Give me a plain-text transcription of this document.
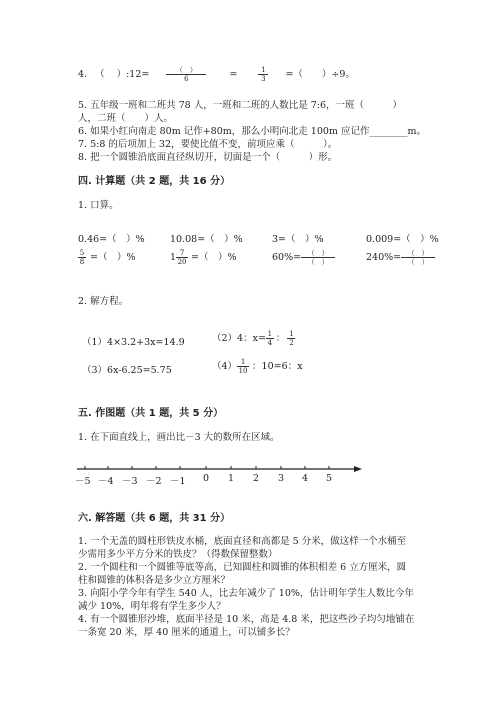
4. （ ）:12= $\frac{( )}{6}$ =	$\frac{1}{3}$ =（　　）÷9。
5. 五年级一班和二班共 78 人，一班和二班的人数比是 7:6，一班（　　　）
人，二班（　　）人。
6. 如果小红向南走 80m 记作+80m，那么小明向北走 100m 应记作________m。
7. 5:8 的后项加上 32，要使比值不变，前项应乘（　　　）。
8. 把一个圆锥沿底面直径纵切开，切面是一个（　　　）形。
四. 计算题（共 2 题，共 16 分）
1. 口算。
0.46=（　）%	10.08=（　）%	3=（　）%	0.009=（　）%
$\frac{5}{8}$ =（　）%	$1 \frac{7}{20}$ =（　）%	$60\%= \frac{( )}{( )}$	$240\%= \frac{( )}{( )}$
2. 解方程。
（1）4×3.2+3x=14.9	（2）4：$x= \frac{1}{4}$ ： $\frac{1}{2}$
（3）6x-6.25=5.75	$(4) \frac{1}{10}$ ：10=6：x
五. 作图题（共 1 题，共 5 分）
1. 在下面直线上，画出比－3 大的数所在区域。
－5 －4 －3 －2 －1 0 1 2 3 4 5
六. 解答题（共 6 题，共 31 分）
1. 一个无盖的圆柱形铁皮水桶，底面直径和高都是 5 分米，做这样一个水桶至
少需用多少平方分米的铁皮？（得数保留整数）
2. 一个圆柱和一个圆锥等底等高，已知圆柱和圆锥的体积相差 6 立方厘米，圆
柱和圆锥的体积各是多少立方厘米？
3. 向阳小学今年有学生 540 人，比去年减少了 10%，估计明年学生人数比今年
减少 10%，明年将有学生多少人？
4. 有一个圆锥形沙堆，底面半径是 10 米，高是 4.8 米，把这些沙子均匀地铺在
一条宽 20 米，厚 40 厘米的通道上，可以铺多长？
